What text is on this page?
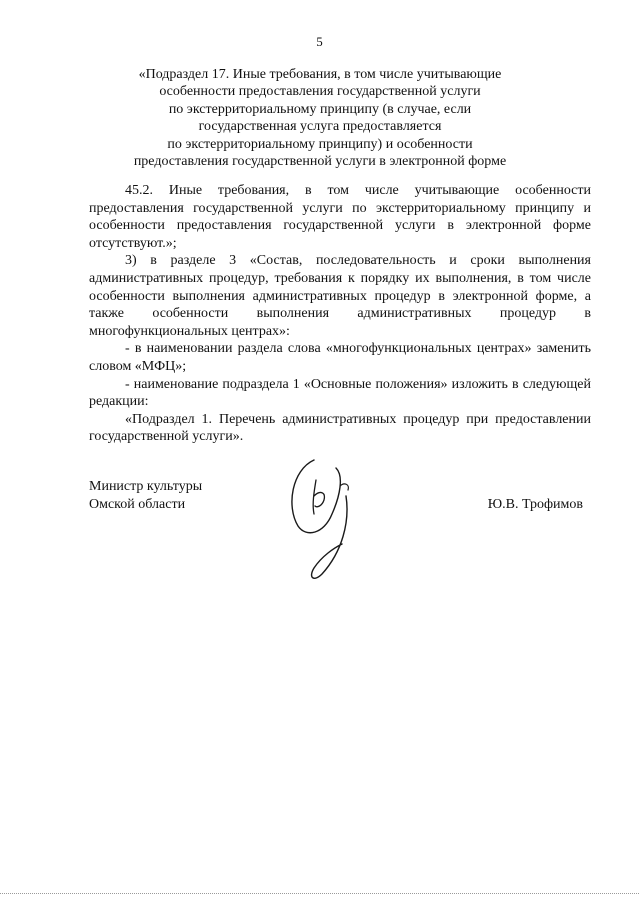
5
«Подраздел 17. Иные требования, в том числе учитывающие
особенности предоставления государственной услуги
по экстерриториальному принципу (в случае, если
государственная услуга предоставляется
по экстерриториальному принципу) и особенности
предоставления государственной услуги в электронной форме

45.2. Иные требования, в том числе учитывающие особенности предоставления государственной услуги по экстерриториальному принципу и особенности предоставления государственной услуги в электронной форме отсутствуют.»;

3) в разделе 3 «Состав, последовательность и сроки выполнения административных процедур, требования к порядку их выполнения, в том числе особенности выполнения административных процедур в электронной форме, а также особенности выполнения административных процедур в многофункциональных центрах»:

- в наименовании раздела слова «многофункциональных центрах» заменить словом «МФЦ»;

- наименование подраздела 1 «Основные положения» изложить в следующей редакции:

«Подраздел 1. Перечень административных процедур при предоставлении государственной услуги».

Министр культуры
Омской области	Ю.В. Трофимов
